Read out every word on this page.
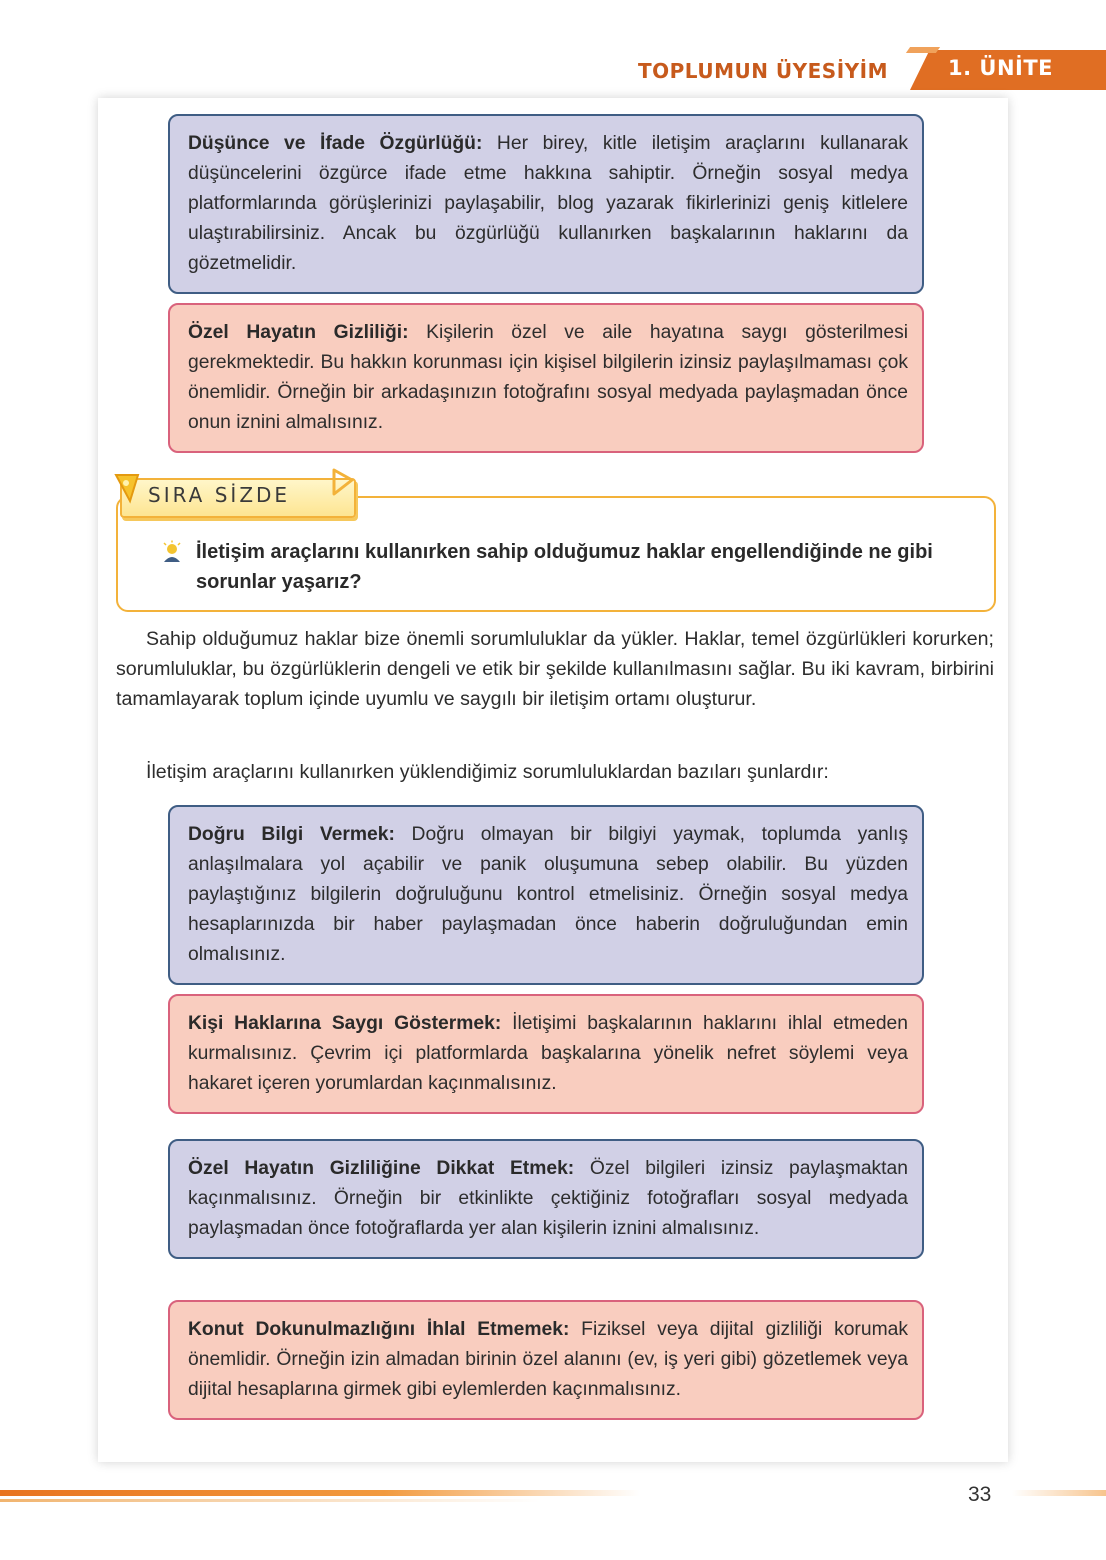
TOPLUMUN ÜYESİYİM	1. ÜNİTE
Düşünce ve İfade Özgürlüğü: Her birey, kitle iletişim araçlarını kullanarak düşüncelerini özgürce ifade etme hakkına sahiptir. Örneğin sosyal medya platformlarında görüşlerinizi paylaşabilir, blog yazarak fikirlerinizi geniş kitlelere ulaştırabilirsiniz. Ancak bu özgürlüğü kullanırken başkalarının haklarını da gözetmelidir.
Özel Hayatın Gizliliği: Kişilerin özel ve aile hayatına saygı gösterilmesi gerekmektedir. Bu hakkın korunması için kişisel bilgilerin izinsiz paylaşılmaması çok önemlidir. Örneğin bir arkadaşınızın fotoğrafını sosyal medyada paylaşmadan önce onun iznini almalısınız.
SIRA SİZDE
İletişim araçlarını kullanırken sahip olduğumuz haklar engellendiğinde ne gibi sorunlar yaşarız?
Sahip olduğumuz haklar bize önemli sorumluluklar da yükler. Haklar, temel özgürlükleri korurken; sorumluluklar, bu özgürlüklerin dengeli ve etik bir şekilde kullanılmasını sağlar. Bu iki kavram, birbirini tamamlayarak toplum içinde uyumlu ve saygılı bir iletişim ortamı oluşturur.
İletişim araçlarını kullanırken yüklendiğimiz sorumluluklardan bazıları şunlardır:
Doğru Bilgi Vermek: Doğru olmayan bir bilgiyi yaymak, toplumda yanlış anlaşılmalara yol açabilir ve panik oluşumuna sebep olabilir. Bu yüzden paylaştığınız bilgilerin doğruluğunu kontrol etmelisiniz. Örneğin sosyal medya hesaplarınızda bir haber paylaşmadan önce haberin doğruluğundan emin olmalısınız.
Kişi Haklarına Saygı Göstermek: İletişimi başkalarının haklarını ihlal etmeden kurmalısınız. Çevrim içi platformlarda başkalarına yönelik nefret söylemi veya hakaret içeren yorumlardan kaçınmalısınız.
Özel Hayatın Gizliliğine Dikkat Etmek: Özel bilgileri izinsiz paylaşmaktan kaçınmalısınız. Örneğin bir etkinlikte çektiğiniz fotoğrafları sosyal medyada paylaşmadan önce fotoğraflarda yer alan kişilerin iznini almalısınız.
Konut Dokunulmazlığını İhlal Etmemek: Fiziksel veya dijital gizliliği korumak önemlidir. Örneğin izin almadan birinin özel alanını (ev, iş yeri gibi) gözetlemek veya dijital hesaplarına girmek gibi eylemlerden kaçınmalısınız.
33
